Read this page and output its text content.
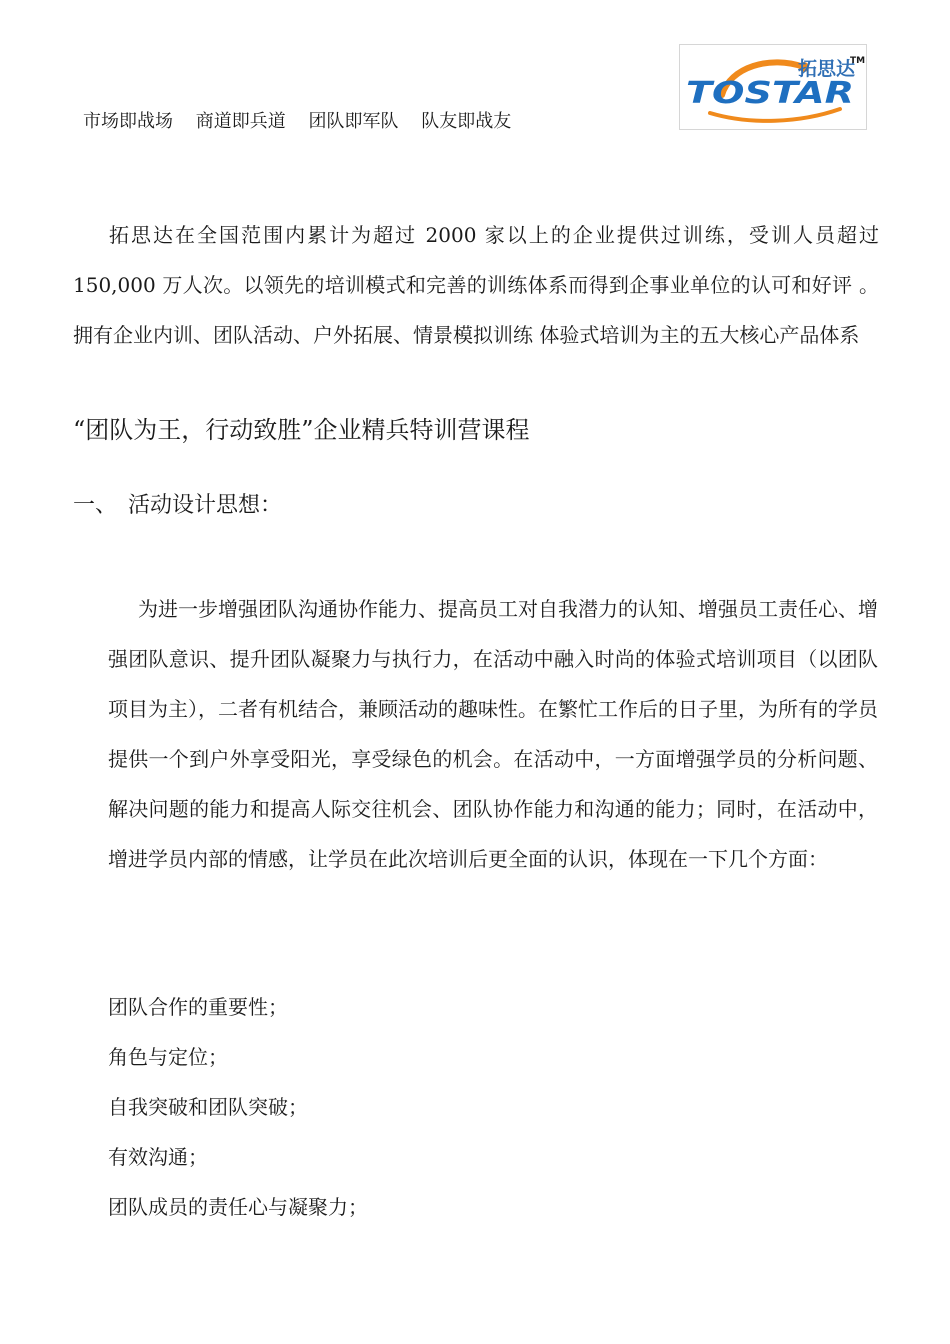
市场即战场 商道即兵道 团队即军队 队友即战友
拓思达
TM
TOSTAR

拓思达在全国范围内累计为超过 2000 家以上的企业提供过训练，受训人员超过 150,000 万人次。以领先的培训模式和完善的训练体系而得到企事业单位的认可和好评 。拥有企业内训、团队活动、户外拓展、情景模拟训练 体验式培训为主的五大核心产品体系

“团队为王，行动致胜”企业精兵特训营课程
一、 活动设计思想：

为进一步增强团队沟通协作能力、提高员工对自我潜力的认知、增强员工责任心、增强团队意识、提升团队凝聚力与执行力，在活动中融入时尚的体验式培训项目（以团队项目为主），二者有机结合，兼顾活动的趣味性。在繁忙工作后的日子里，为所有的学员提供一个到户外享受阳光，享受绿色的机会。在活动中，一方面增强学员的分析问题、解决问题的能力和提高人际交往机会、团队协作能力和沟通的能力；同时，在活动中，增进学员内部的情感，让学员在此次培训后更全面的认识，体现在一下几个方面：

团队合作的重要性；
角色与定位；
自我突破和团队突破；
有效沟通；
团队成员的责任心与凝聚力；
